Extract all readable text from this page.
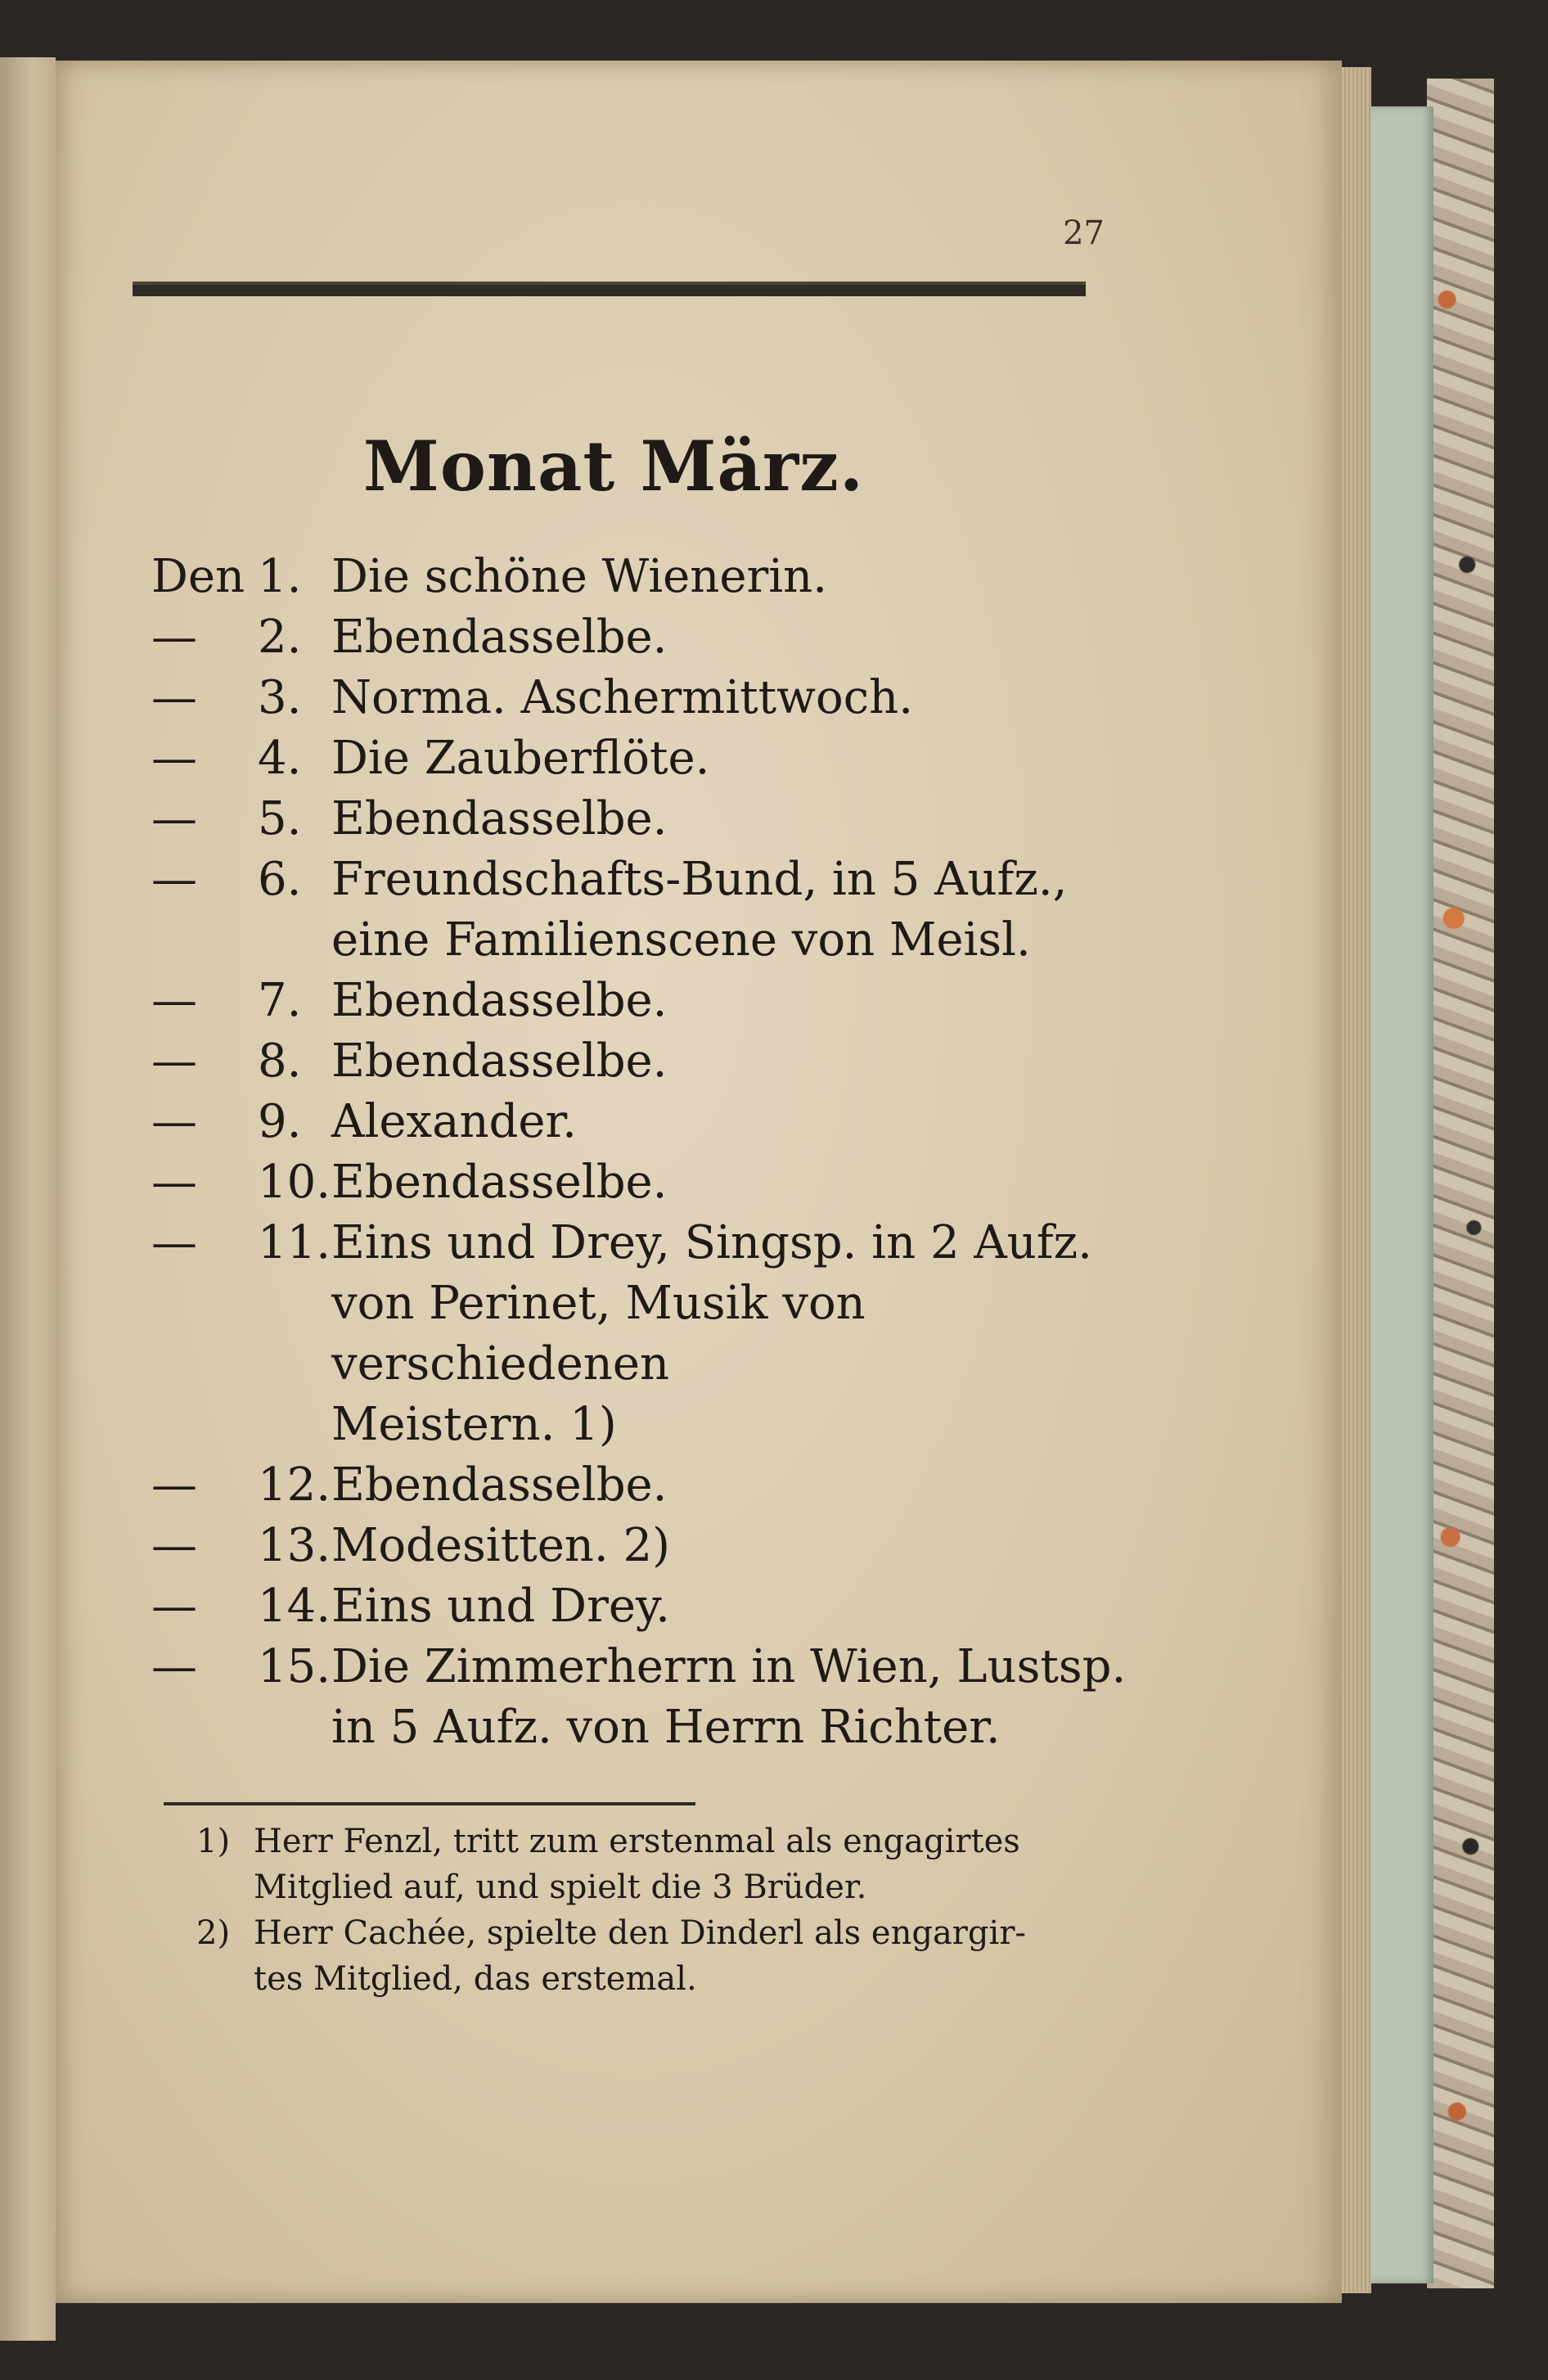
27
Monat März.
Den 1. Die schöne Wienerin.
—	2. Ebendasselbe.
—	3. Norma. Aschermittwoch.
—	4. Die Zauberflöte.
—	5. Ebendasselbe.
—	6. Freundschafts-Bund, in 5 Aufz.,
eine Familienscene von Meisl.
—	7. Ebendasselbe.
—	8. Ebendasselbe.
—	9. Alexander.
—	10. Ebendasselbe.
—	11. Eins und Drey, Singsp. in 2 Aufz.
von Perinet, Musik von verschiedenen
Meistern. 1)
—	12. Ebendasselbe.
—	13. Modesitten. 2)
—	14. Eins und Drey.
—	15. Die Zimmerherrn in Wien, Lustsp.
in 5 Aufz. von Herrn Richter.
1) Herr Fenzl, tritt zum erstenmal als engagirtes
Mitglied auf, und spielt die 3 Brüder.
2) Herr Cachée, spielte den Dinderl als engargir-
tes Mitglied, das erstemal.
